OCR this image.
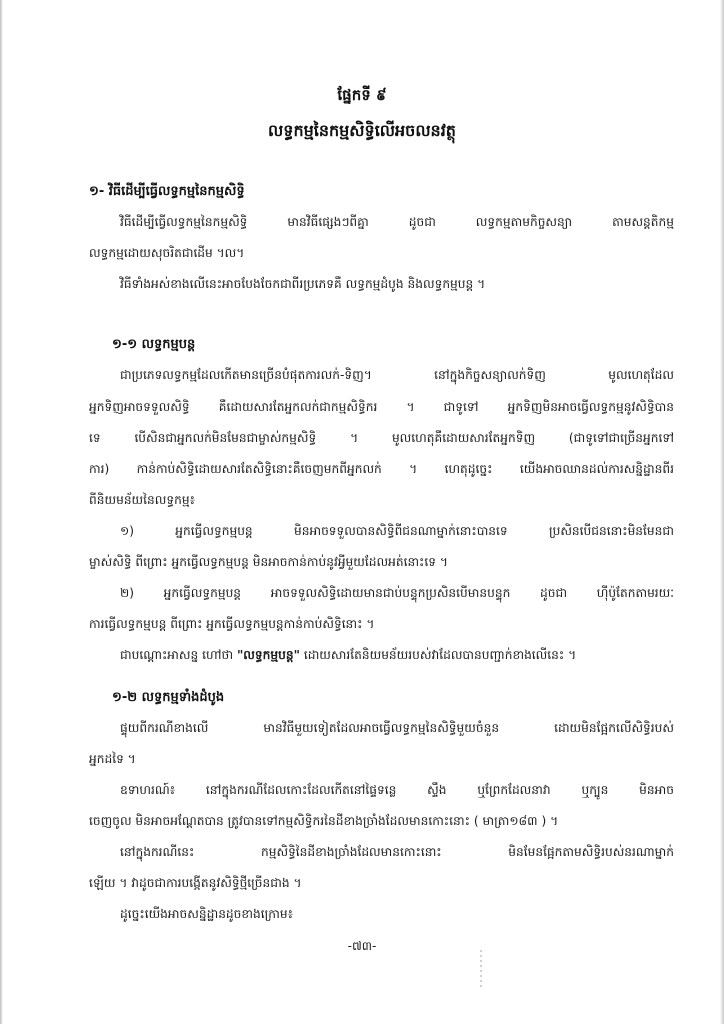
ផ្នែកទី ៩
លទ្ធកម្មនៃកម្មសិទ្ធិលើអចលនវត្ថុ
១- វិធីដើម្បីធ្វើលទ្ធកម្មនៃកម្មសិទ្ធិ
វិធីដើម្បីធ្វើលទ្ធកម្មនៃកម្មសិទ្ធិ មានវិធីផ្សេងៗពីគ្នា ដូចជា លទ្ធកម្មតាមកិច្ចសន្យា តាមសន្តតិកម្ម
លទ្ធកម្មដោយសុចរិតជាដើម ។ល។
វិធីទាំងអស់ខាងលើនេះអាចបែងចែកជាពីរប្រភេទគឺ លទ្ធកម្មដំបូង និងលទ្ធកម្មបន្ត ។
១-១ លទ្ធកម្មបន្ត
ជាប្រភេទលទ្ធកម្មដែលកើតមានច្រើនបំផុតការលក់-ទិញ។ នៅក្នុងកិច្ចសន្យាលក់ទិញ មូលហេតុដែល
អ្នកទិញអាចទទួលសិទ្ធិ គឺដោយសារតែអ្នកលក់ជាកម្មសិទ្ធិករ ។ ជាទូទៅ អ្នកទិញមិនអាចធ្វើលទ្ធកម្មនូវសិទ្ធិបាន
ទេ បើសិនជាអ្នកលក់មិនមែនជាម្ចាស់កម្មសិទ្ធិ ។ មូលហេតុគឺដោយសារតែអ្នកទិញ (ជាទូទៅជាច្រើនអ្នកទៅ
ការ) កាន់កាប់សិទ្ធិដោយសារតែសិទ្ធិនោះគឺចេញមកពីអ្នកលក់ ។ ហេតុដូច្នេះ យើងអាចឈានដល់ការសន្និដ្ឋានពីរ
ពីនិយមន័យនៃលទ្ធកម្ម៖
១) អ្នកធ្វើលទ្ធកម្មបន្ត មិនអាចទទួលបានសិទ្ធិពីជនណាម្នាក់នោះបានទេ ប្រសិនបើជននោះមិនមែនជា
ម្ចាស់សិទ្ធិ ពីព្រោះ អ្នកធ្វើលទ្ធកម្មបន្ត មិនអាចកាន់កាប់នូវអ្វីមួយដែលអត់នោះទេ ។
២) អ្នកធ្វើលទ្ធកម្មបន្ត អាចទទួលសិទ្ធិដោយមានជាប់បន្ទុកប្រសិនបើមានបន្ទុក ដូចជា ហ៊ីប៉ូតែកតាមរយៈ
ការធ្វើលទ្ធកម្មបន្ត ពីព្រោះ អ្នកធ្វើលទ្ធកម្មបន្តកាន់កាប់សិទ្ធិនោះ ។
ជាបណ្តោះអាសន្ន ហៅថា "លទ្ធកម្មបន្ត" ដោយសារតែនិយមន័យរបស់វាដែលបានបញ្ជាក់ខាងលើនេះ ។
១-២ លទ្ធកម្មទាំងដំបូង
ផ្ទុយពីករណីខាងលើ មានវិធីមួយទៀតដែលអាចធ្វើលទ្ធកម្មនៃសិទ្ធិមួយចំនួន ដោយមិនផ្អែកលើសិទ្ធិរបស់
អ្នកដទៃ ។
ឧទាហរណ៍៖ នៅក្នុងករណីដែលកោះដែលកើតនៅផ្ទៃទន្លេ ស្ទឹង ឬព្រែកដែលនាវា ឬក្បូន មិនអាច
ចេញចូល មិនអាចអណ្តែតបាន ត្រូវបានទៅកម្មសិទ្ធិករនៃដីខាងច្រាំងដែលមានកោះនោះ ( មាត្រា១៨៣ ) ។
នៅក្នុងករណីនេះ កម្មសិទ្ធិនៃដីខាងច្រាំងដែលមានកោះនោះ មិនមែនផ្អែកតាមសិទ្ធិរបស់នរណាម្នាក់
ឡើយ ។ វាដូចជាការបង្កើតនូវសិទ្ធិថ្មីច្រើនជាង ។
ដូច្នេះយើងអាចសន្និដ្ឋានដូចខាងក្រោម៖
-៧៣-
